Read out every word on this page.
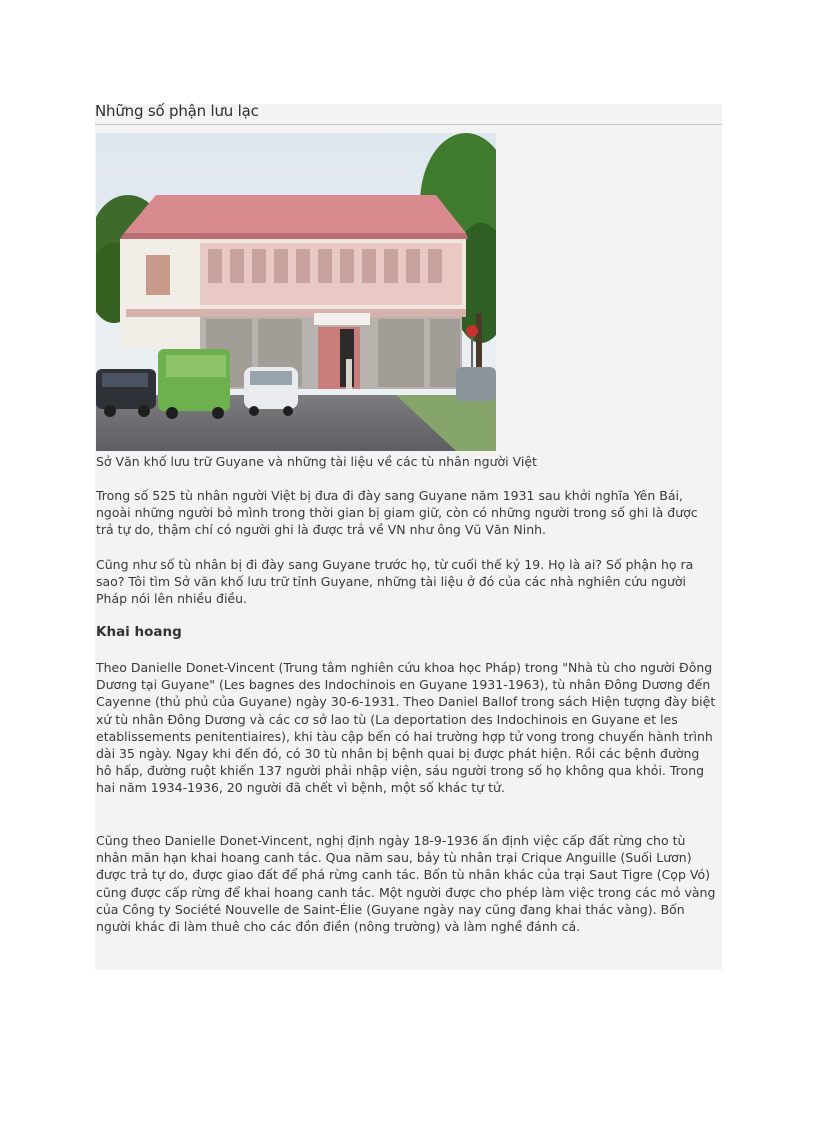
Những số phận lưu lạc
Sở Văn khố lưu trữ Guyane và những tài liệu về các tù nhân người Việt
Trong số 525 tù nhân người Việt bị đưa đi đày sang Guyane năm 1931 sau khởi nghĩa Yên Bái, ngoài những người bỏ mình trong thời gian bị giam giữ, còn có những người trong số ghi là được trả tự do, thậm chí có người ghi là được trả về VN như ông Vũ Văn Ninh.
Cũng như số tù nhân bị đi đày sang Guyane trước họ, từ cuối thế kỷ 19. Họ là ai? Số phận họ ra sao? Tôi tìm Sở văn khố lưu trữ tỉnh Guyane, những tài liệu ở đó của các nhà nghiên cứu người Pháp nói lên nhiều điều.
Khai hoang
Theo Danielle Donet-Vincent (Trung tâm nghiên cứu khoa học Pháp) trong "Nhà tù cho người Đông Dương tại Guyane" (Les bagnes des Indochinois en Guyane 1931-1963), tù nhân Đông Dương đến Cayenne (thủ phủ của Guyane) ngày 30-6-1931. Theo Daniel Ballof trong sách Hiện tượng đày biệt xứ tù nhân Đông Dương và các cơ sở lao tù (La deportation des Indochinois en Guyane et les etablissements penitentiaires), khi tàu cập bến có hai trường hợp tử vong trong chuyến hành trình dài 35 ngày. Ngay khi đến đó, có 30 tù nhân bị bệnh quai bị được phát hiện. Rồi các bệnh đường hô hấp, đường ruột khiến 137 người phải nhập viện, sáu người trong số họ không qua khỏi. Trong hai năm 1934-1936, 20 người đã chết vì bệnh, một số khác tự tử.
Cũng theo Danielle Donet-Vincent, nghị định ngày 18-9-1936 ấn định việc cấp đất rừng cho tù nhân mãn hạn khai hoang canh tác. Qua năm sau, bảy tù nhân trại Crique Anguille (Suối Lươn) được trả tự do, được giao đất để phá rừng canh tác. Bốn tù nhân khác của trại Saut Tigre (Cọp Vó) cũng được cấp rừng để khai hoang canh tác. Một người được cho phép làm việc trong các mỏ vàng của Công ty Société Nouvelle de Saint-Élie (Guyane ngày nay cũng đang khai thác vàng). Bốn người khác đi làm thuê cho các đồn điền (nông trường) và làm nghề đánh cá.
